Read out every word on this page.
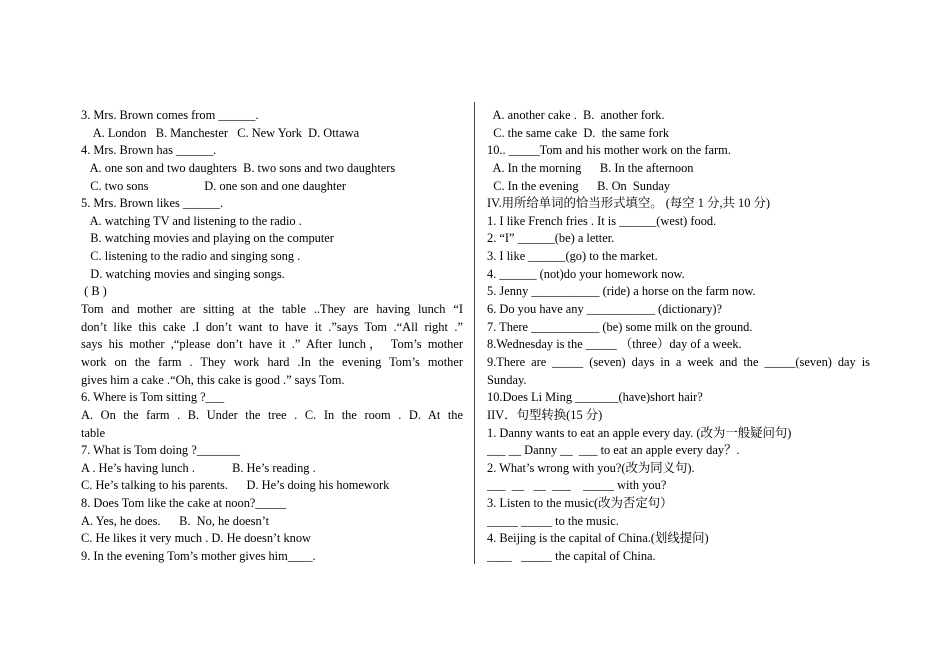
3. Mrs. Brown comes from ______.
A. London   B. Manchester   C. New York  D. Ottawa
4. Mrs. Brown has ______.
A. one son and two daughters  B. two sons and two daughters
C. two sons                  D. one son and one daughter
5. Mrs. Brown likes ______.
A. watching TV and listening to the radio .
B. watching movies and playing on the computer
C. listening to the radio and singing song .
D. watching movies and singing songs.
( B )
Tom and mother are sitting at the table ..They are having lunch “I
don’t like this cake .I don’t want to have it .”says Tom .“All right .”
says his mother ,“please don’t have it .” After lunch， Tom’s mother
work on the farm . They work hard .In the evening Tom’s mother
gives him a cake .“Oh, this cake is good .” says Tom.
6. Where is Tom sitting ?___
A. On the farm . B. Under the tree . C. In the room . D. At the
table
7. What is Tom doing ?_______
A . He’s having lunch .            B. He’s reading .
C. He’s talking to his parents.      D. He’s doing his homework
8. Does Tom like the cake at noon?_____
A. Yes, he does.      B.  No, he doesn’t
C. He likes it very much . D. He doesn’t know
9. In the evening Tom’s mother gives him____.
A. another cake .  B.  another fork.
C. the same cake  D.  the same fork
10.. _____Tom and his mother work on the farm.
A. In the morning      B. In the afternoon
C. In the evening      B. On  Sunday
IV.用所给单词的恰当形式填空。 (每空 1 分,共 10 分)
1. I like French fries . It is ______(west) food.
2. “I” ______(be) a letter.
3. I like ______(go) to the market.
4. ______ (not)do your homework now.
5. Jenny ___________ (ride) a horse on the farm now.
6. Do you have any ___________ (dictionary)?
7. There ___________ (be) some milk on the ground.
8.Wednesday is the _____ （three）day of a week.
9.There are _____ (seven) days in a week and the _____(seven) day is
Sunday.
10.Does Li Ming _______(have)short hair?
IIV．句型转换(15 分)
1. Danny wants to eat an apple every day. (改为一般疑问句)
___ __ Danny __  ___ to eat an apple every day？.
2. What’s wrong with you?(改为同义句).
___  __   __  ___    _____ with you?
3. Listen to the music(改为否定句）
_____ _____ to the music.
4. Beijing is the capital of China.(划线提问)
____   _____ the capital of China.
